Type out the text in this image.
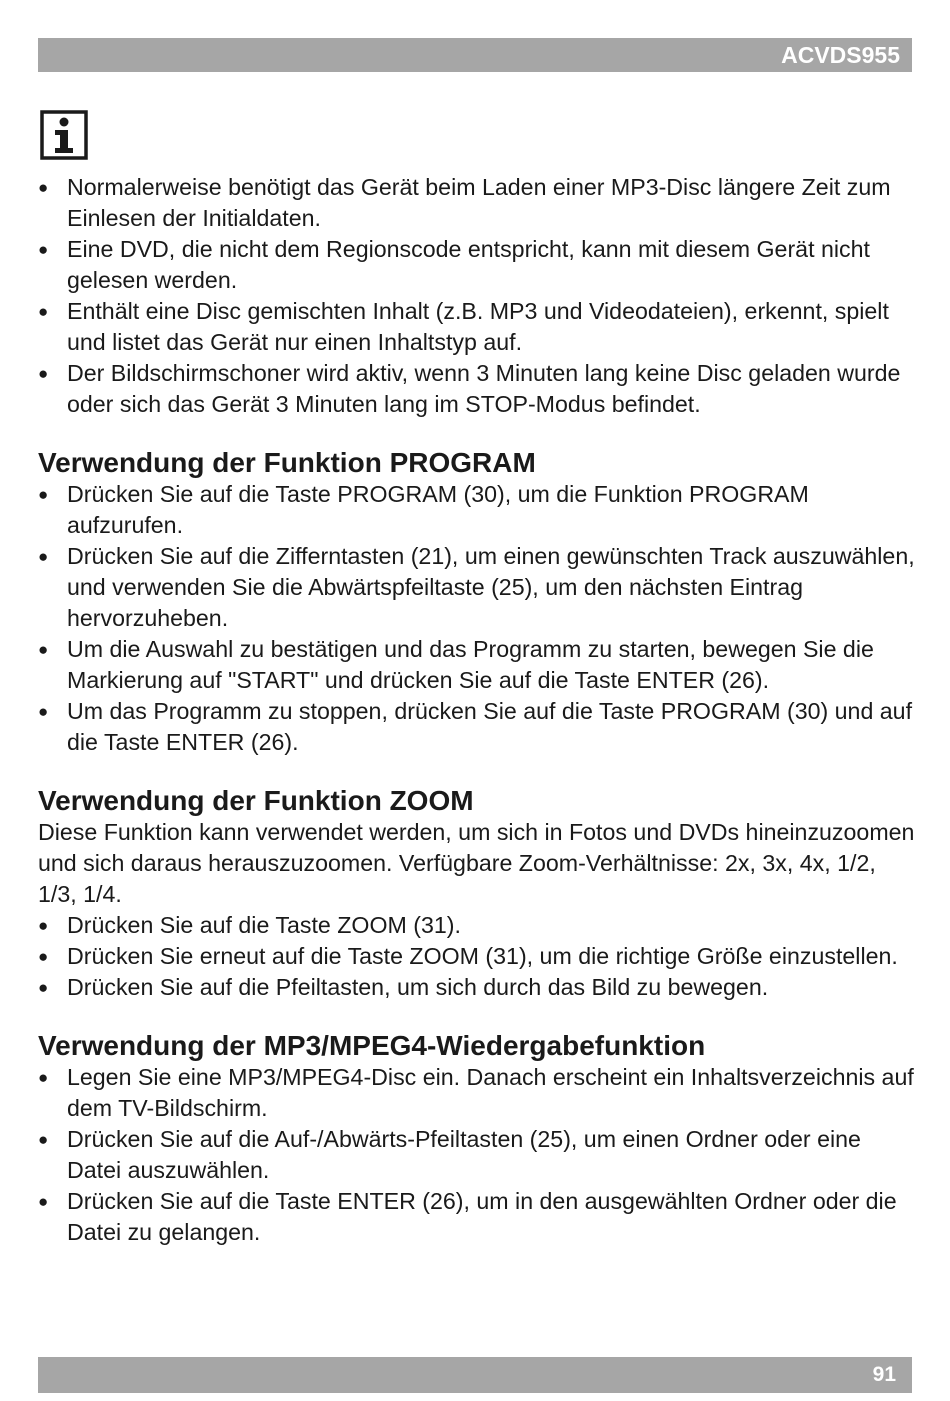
ACVDS955
● Normalerweise benötigt das Gerät beim Laden einer MP3-Disc längere Zeit zum Einlesen der Initialdaten.
● Eine DVD, die nicht dem Regionscode entspricht, kann mit diesem Gerät nicht gelesen werden.
● Enthält eine Disc gemischten Inhalt (z.B. MP3 und Videodateien), erkennt, spielt und listet das Gerät nur einen Inhaltstyp auf.
● Der Bildschirmschoner wird aktiv, wenn 3 Minuten lang keine Disc geladen wurde oder sich das Gerät 3 Minuten lang im STOP-Modus befindet.
Verwendung der Funktion PROGRAM
● Drücken Sie auf die Taste PROGRAM (30), um die Funktion PROGRAM aufzurufen.
● Drücken Sie auf die Zifferntasten (21), um einen gewünschten Track auszuwählen, und verwenden Sie die Abwärtspfeiltaste (25), um den nächsten Eintrag hervorzuheben.
● Um die Auswahl zu bestätigen und das Programm zu starten, bewegen Sie die Markierung auf "START" und drücken Sie auf die Taste ENTER (26).
● Um das Programm zu stoppen, drücken Sie auf die Taste PROGRAM (30) und auf die Taste ENTER (26).
Verwendung der Funktion ZOOM

Diese Funktion kann verwendet werden, um sich in Fotos und DVDs hineinzuzoomen und sich daraus herauszuzoomen. Verfügbare Zoom-Verhältnisse: 2x, 3x, 4x, 1/2, 1/3, 1/4.

● Drücken Sie auf die Taste ZOOM (31).
● Drücken Sie erneut auf die Taste ZOOM (31), um die richtige Größe einzustellen.
● Drücken Sie auf die Pfeiltasten, um sich durch das Bild zu bewegen.
Verwendung der MP3/MPEG4-Wiedergabefunktion
● Legen Sie eine MP3/MPEG4-Disc ein. Danach erscheint ein Inhaltsverzeichnis auf dem TV-Bildschirm.
● Drücken Sie auf die Auf-/Abwärts-Pfeiltasten (25), um einen Ordner oder eine Datei auszuwählen.
● Drücken Sie auf die Taste ENTER (26), um in den ausgewählten Ordner oder die Datei zu gelangen.
91
